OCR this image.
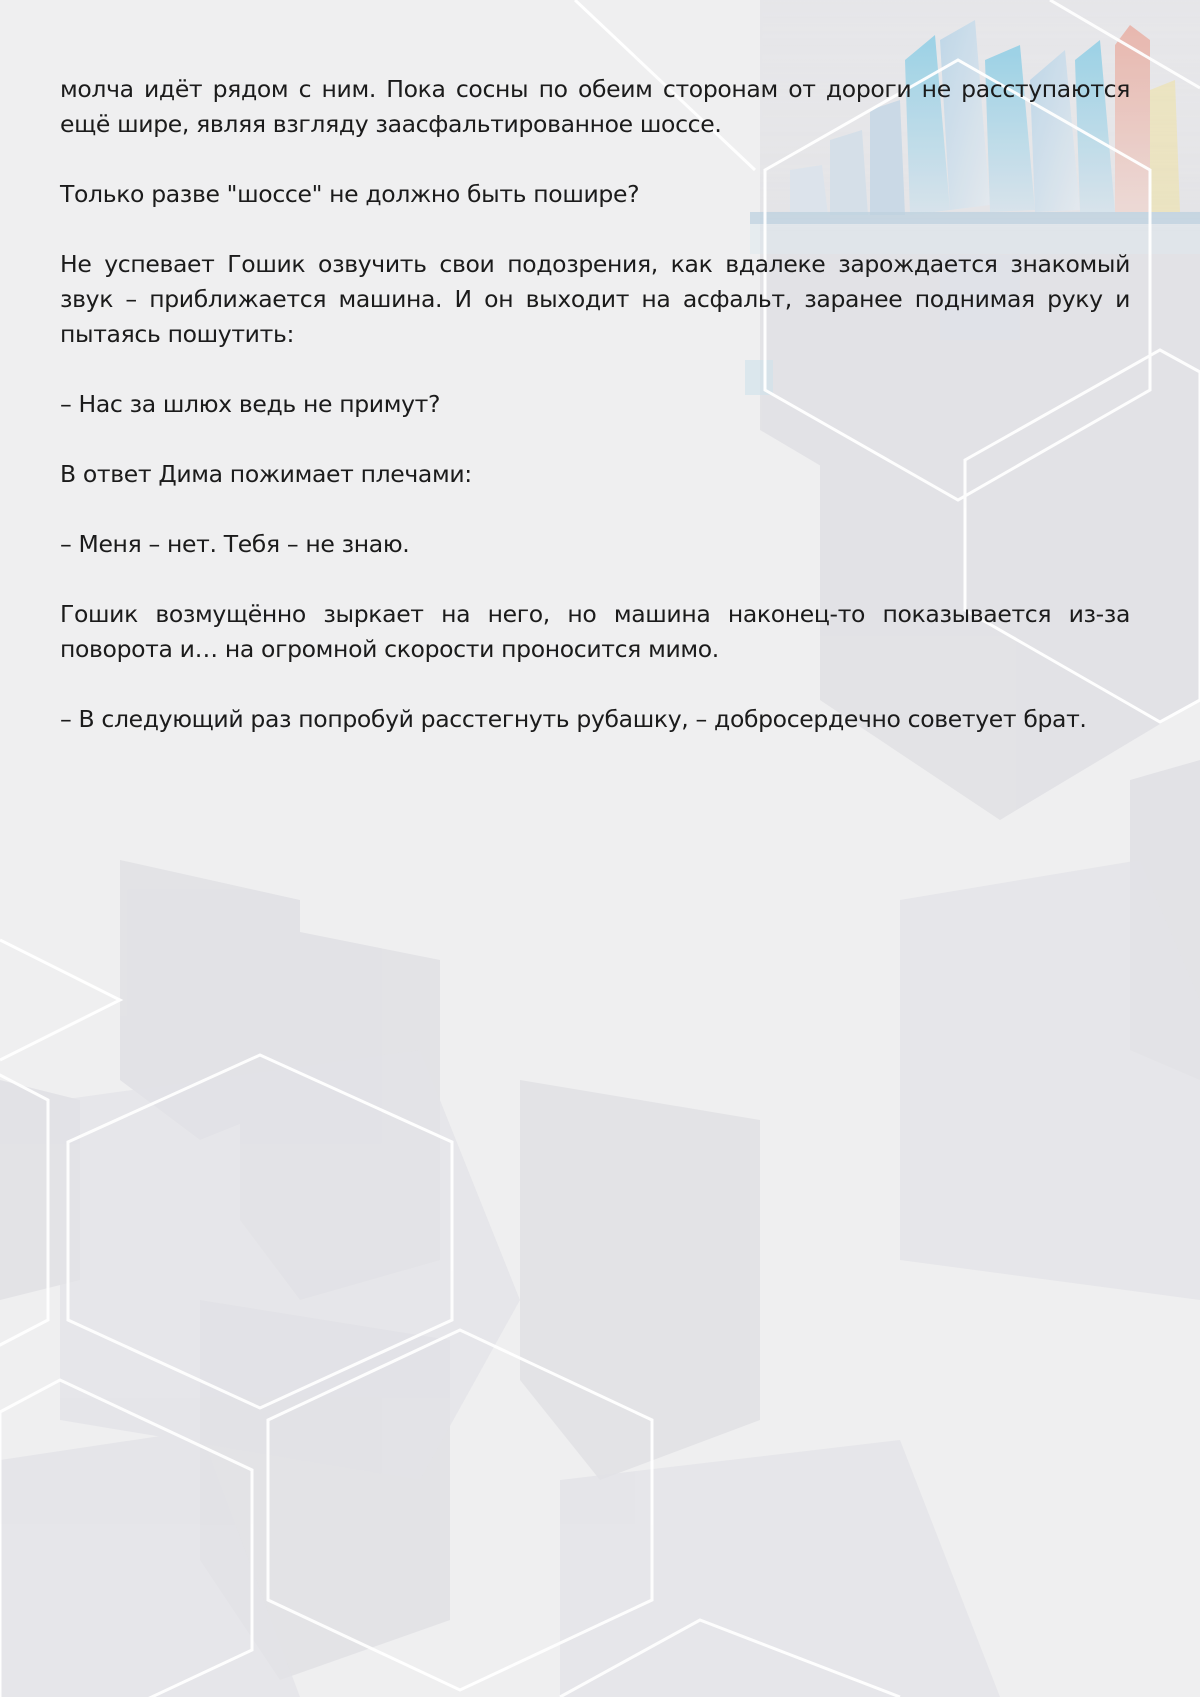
молча идёт рядом с ним. Пока сосны по обеим сторонам от дороги не расступаются ещё шире, являя взгляду заасфальтированное шоссе.

Только разве "шоссе" не должно быть пошире?

Не успевает Гошик озвучить свои подозрения, как вдалеке зарождается знакомый звук – приближается машина. И он выходит на асфальт, заранее поднимая руку и пытаясь пошутить:

– Нас за шлюх ведь не примут?

В ответ Дима пожимает плечами:

– Меня – нет. Тебя – не знаю.

Гошик возмущённо зыркает на него, но машина наконец-то показывается из-за поворота и… на огромной скорости проносится мимо.

– В следующий раз попробуй расстегнуть рубашку, – добросердечно советует брат.
